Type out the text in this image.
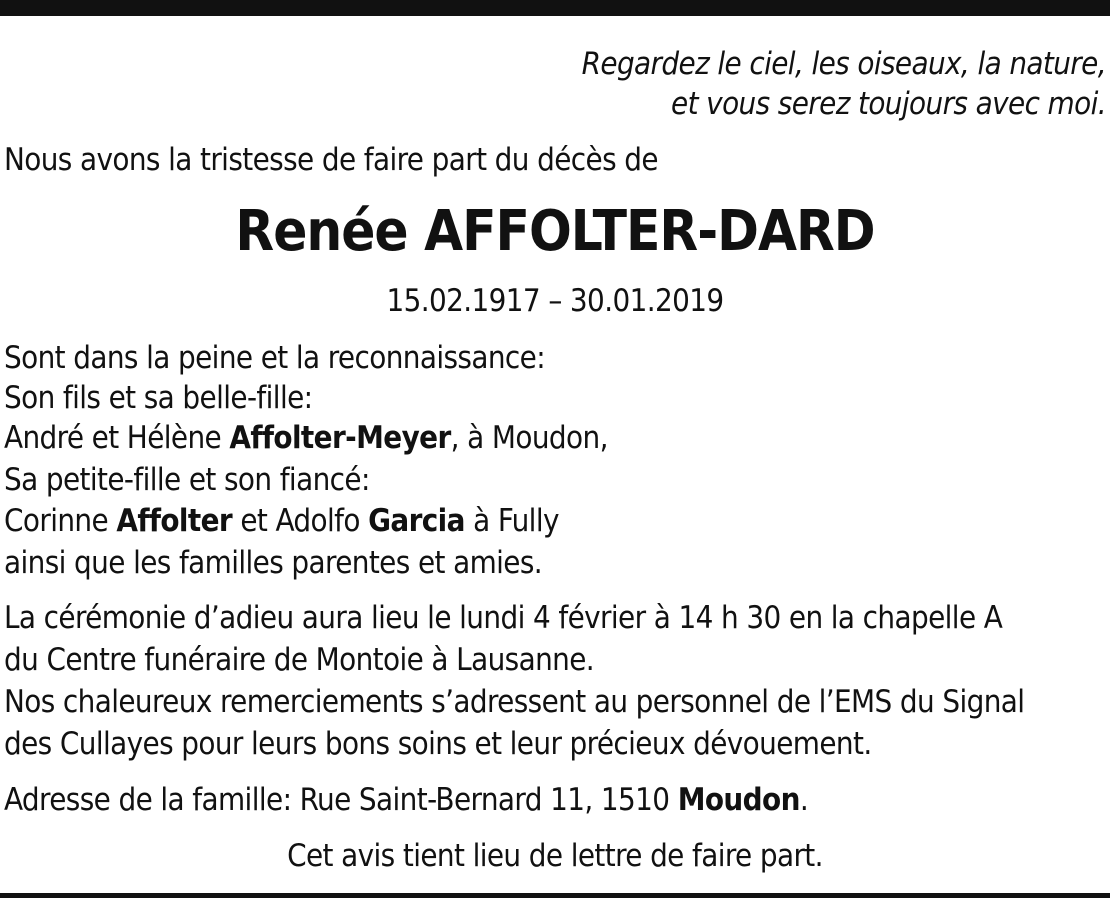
Regardez le ciel, les oiseaux, la nature,
et vous serez toujours avec moi.
Nous avons la tristesse de faire part du décès de
Renée AFFOLTER-DARD
15.02.1917 – 30.01.2019
Sont dans la peine et la reconnaissance:
Son fils et sa belle-fille:
André et Hélène Affolter-Meyer, à Moudon,
Sa petite-fille et son fiancé:
Corinne Affolter et Adolfo Garcia à Fully
ainsi que les familles parentes et amies.
La cérémonie d’adieu aura lieu le lundi 4 février à 14 h 30 en la chapelle A
du Centre funéraire de Montoie à Lausanne.
Nos chaleureux remerciements s’adressent au personnel de l’EMS du Signal
des Cullayes pour leurs bons soins et leur précieux dévouement.
Adresse de la famille: Rue Saint-Bernard 11, 1510 Moudon.
Cet avis tient lieu de lettre de faire part.
